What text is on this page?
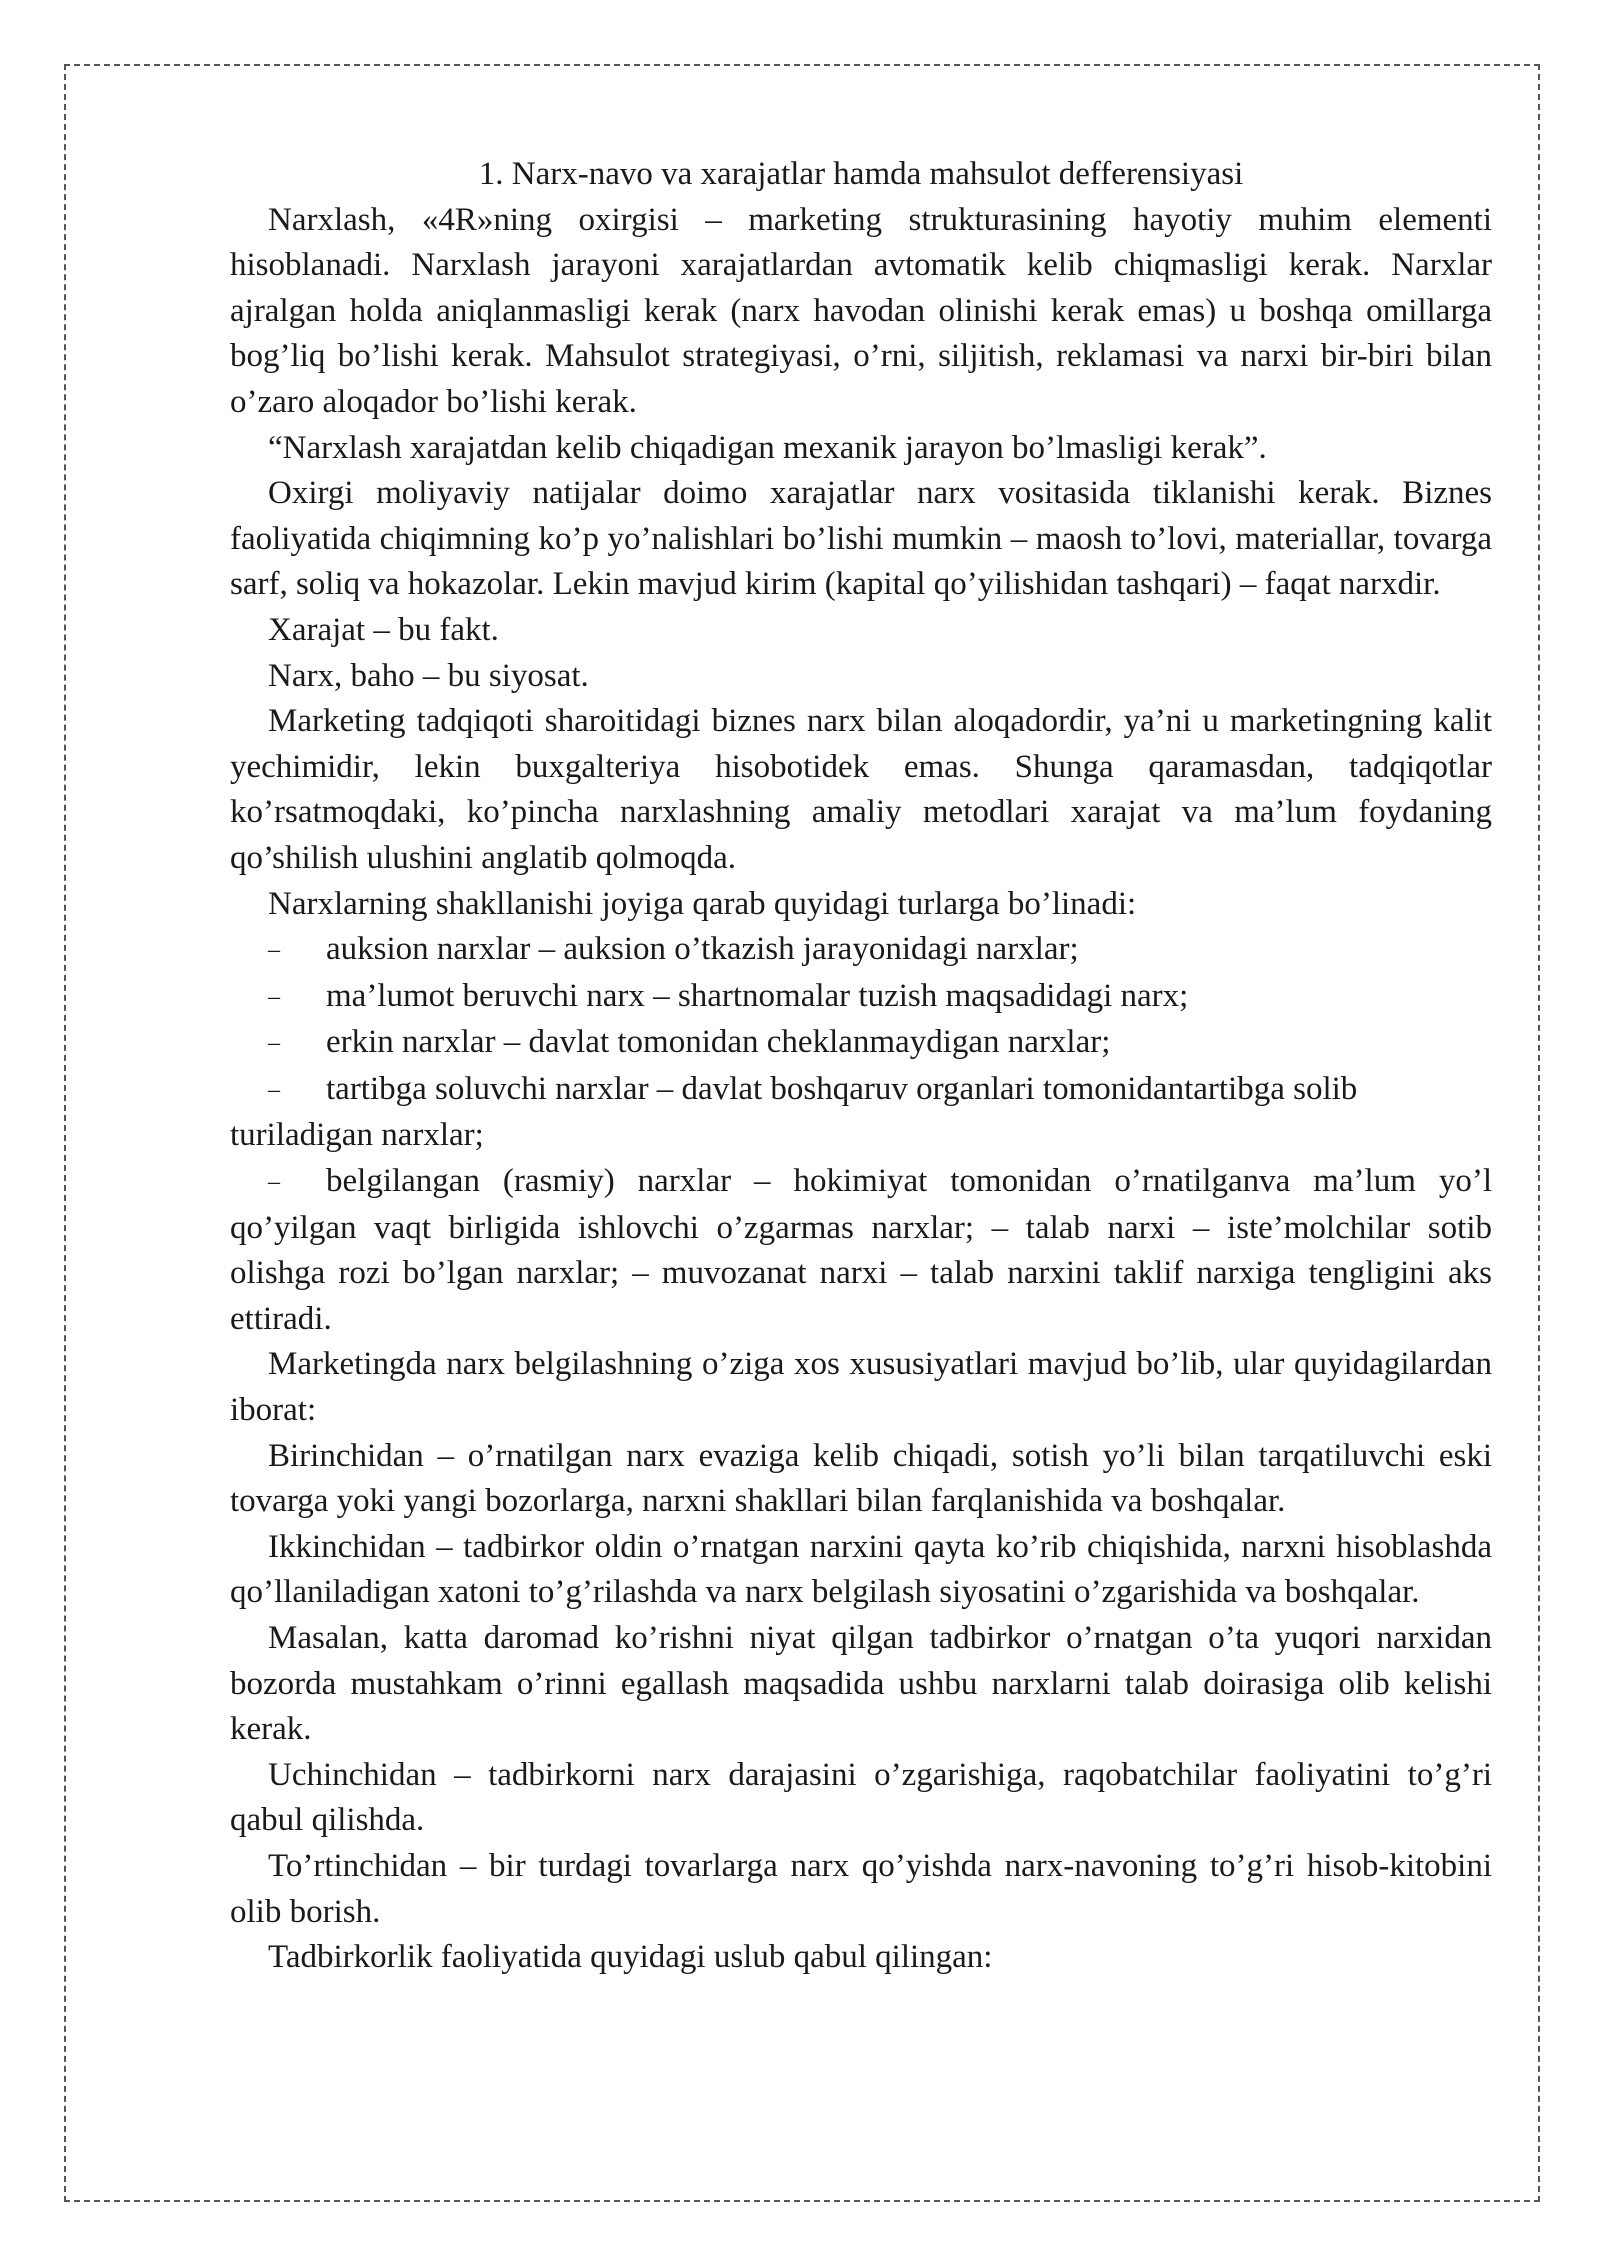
1. Narx-navo va xarajatlar hamda mahsulot defferensiyasi

Narxlash, «4R»ning oxirgisi – marketing strukturasining hayotiy muhim elementi hisoblanadi. Narxlash jarayoni xarajatlardan avtomatik kelib chiqmasligi kerak. Narxlar ajralgan holda aniqlanmasligi kerak (narx havodan olinishi kerak emas) u boshqa omillarga bog’liq bo’lishi kerak. Mahsulot strategiyasi, o’rni, siljitish, reklamasi va narxi bir-biri bilan o’zaro aloqador bo’lishi kerak.

“Narxlash xarajatdan kelib chiqadigan mexanik jarayon bo’lmasligi kerak”.

Oxirgi moliyaviy natijalar doimo xarajatlar narx vositasida tiklanishi kerak. Biznes faoliyatida chiqimning ko’p yo’nalishlari bo’lishi mumkin – maosh to’lovi, materiallar, tovarga sarf, soliq va hokazolar. Lekin mavjud kirim (kapital qo’yilishidan tashqari) – faqat narxdir.

Xarajat – bu fakt.

Narx, baho – bu siyosat.

Marketing tadqiqoti sharoitidagi biznes narx bilan aloqadordir, ya’ni u marketingning kalit yechimidir, lekin buxgalteriya hisobotidek emas. Shunga qaramasdan, tadqiqotlar ko’rsatmoqdaki, ko’pincha narxlashning amaliy metodlari xarajat va ma’lum foydaning qo’shilish ulushini anglatib qolmoqda.

Narxlarning shakllanishi joyiga qarab quyidagi turlarga bo’linadi:

– auksion narxlar – auksion o’tkazish jarayonidagi narxlar;

– ma’lumot beruvchi narx – shartnomalar tuzish maqsadidagi narx;

– erkin narxlar – davlat tomonidan cheklanmaydigan narxlar;

– tartibga soluvchi narxlar – davlat boshqaruv organlari tomonidantartibga solib turiladigan narxlar;

– belgilangan (rasmiy) narxlar – hokimiyat tomonidan o’rnatilganva ma’lum yo’l qo’yilgan vaqt birligida ishlovchi o’zgarmas narxlar; – talab narxi – iste’molchilar sotib olishga rozi bo’lgan narxlar; – muvozanat narxi – talab narxini taklif narxiga tengligini aks ettiradi.

Marketingda narx belgilashning o’ziga xos xususiyatlari mavjud bo’lib, ular quyidagilardan iborat:

Birinchidan – o’rnatilgan narx evaziga kelib chiqadi, sotish yo’li bilan tarqatiluvchi eski tovarga yoki yangi bozorlarga, narxni shakllari bilan farqlanishida va boshqalar.

Ikkinchidan – tadbirkor oldin o’rnatgan narxini qayta ko’rib chiqishida, narxni hisoblashda qo’llaniladigan xatoni to’g’rilashda va narx belgilash siyosatini o’zgarishida va boshqalar.

Masalan, katta daromad ko’rishni niyat qilgan tadbirkor o’rnatgan o’ta yuqori narxidan bozorda mustahkam o’rinni egallash maqsadida ushbu narxlarni talab doirasiga olib kelishi kerak.

Uchinchidan – tadbirkorni narx darajasini o’zgarishiga, raqobatchilar faoliyatini to’g’ri qabul qilishda.

To’rtinchidan – bir turdagi tovarlarga narx qo’yishda narx-navoning to’g’ri hisob-kitobini olib borish.

Tadbirkorlik faoliyatida quyidagi uslub qabul qilingan:
